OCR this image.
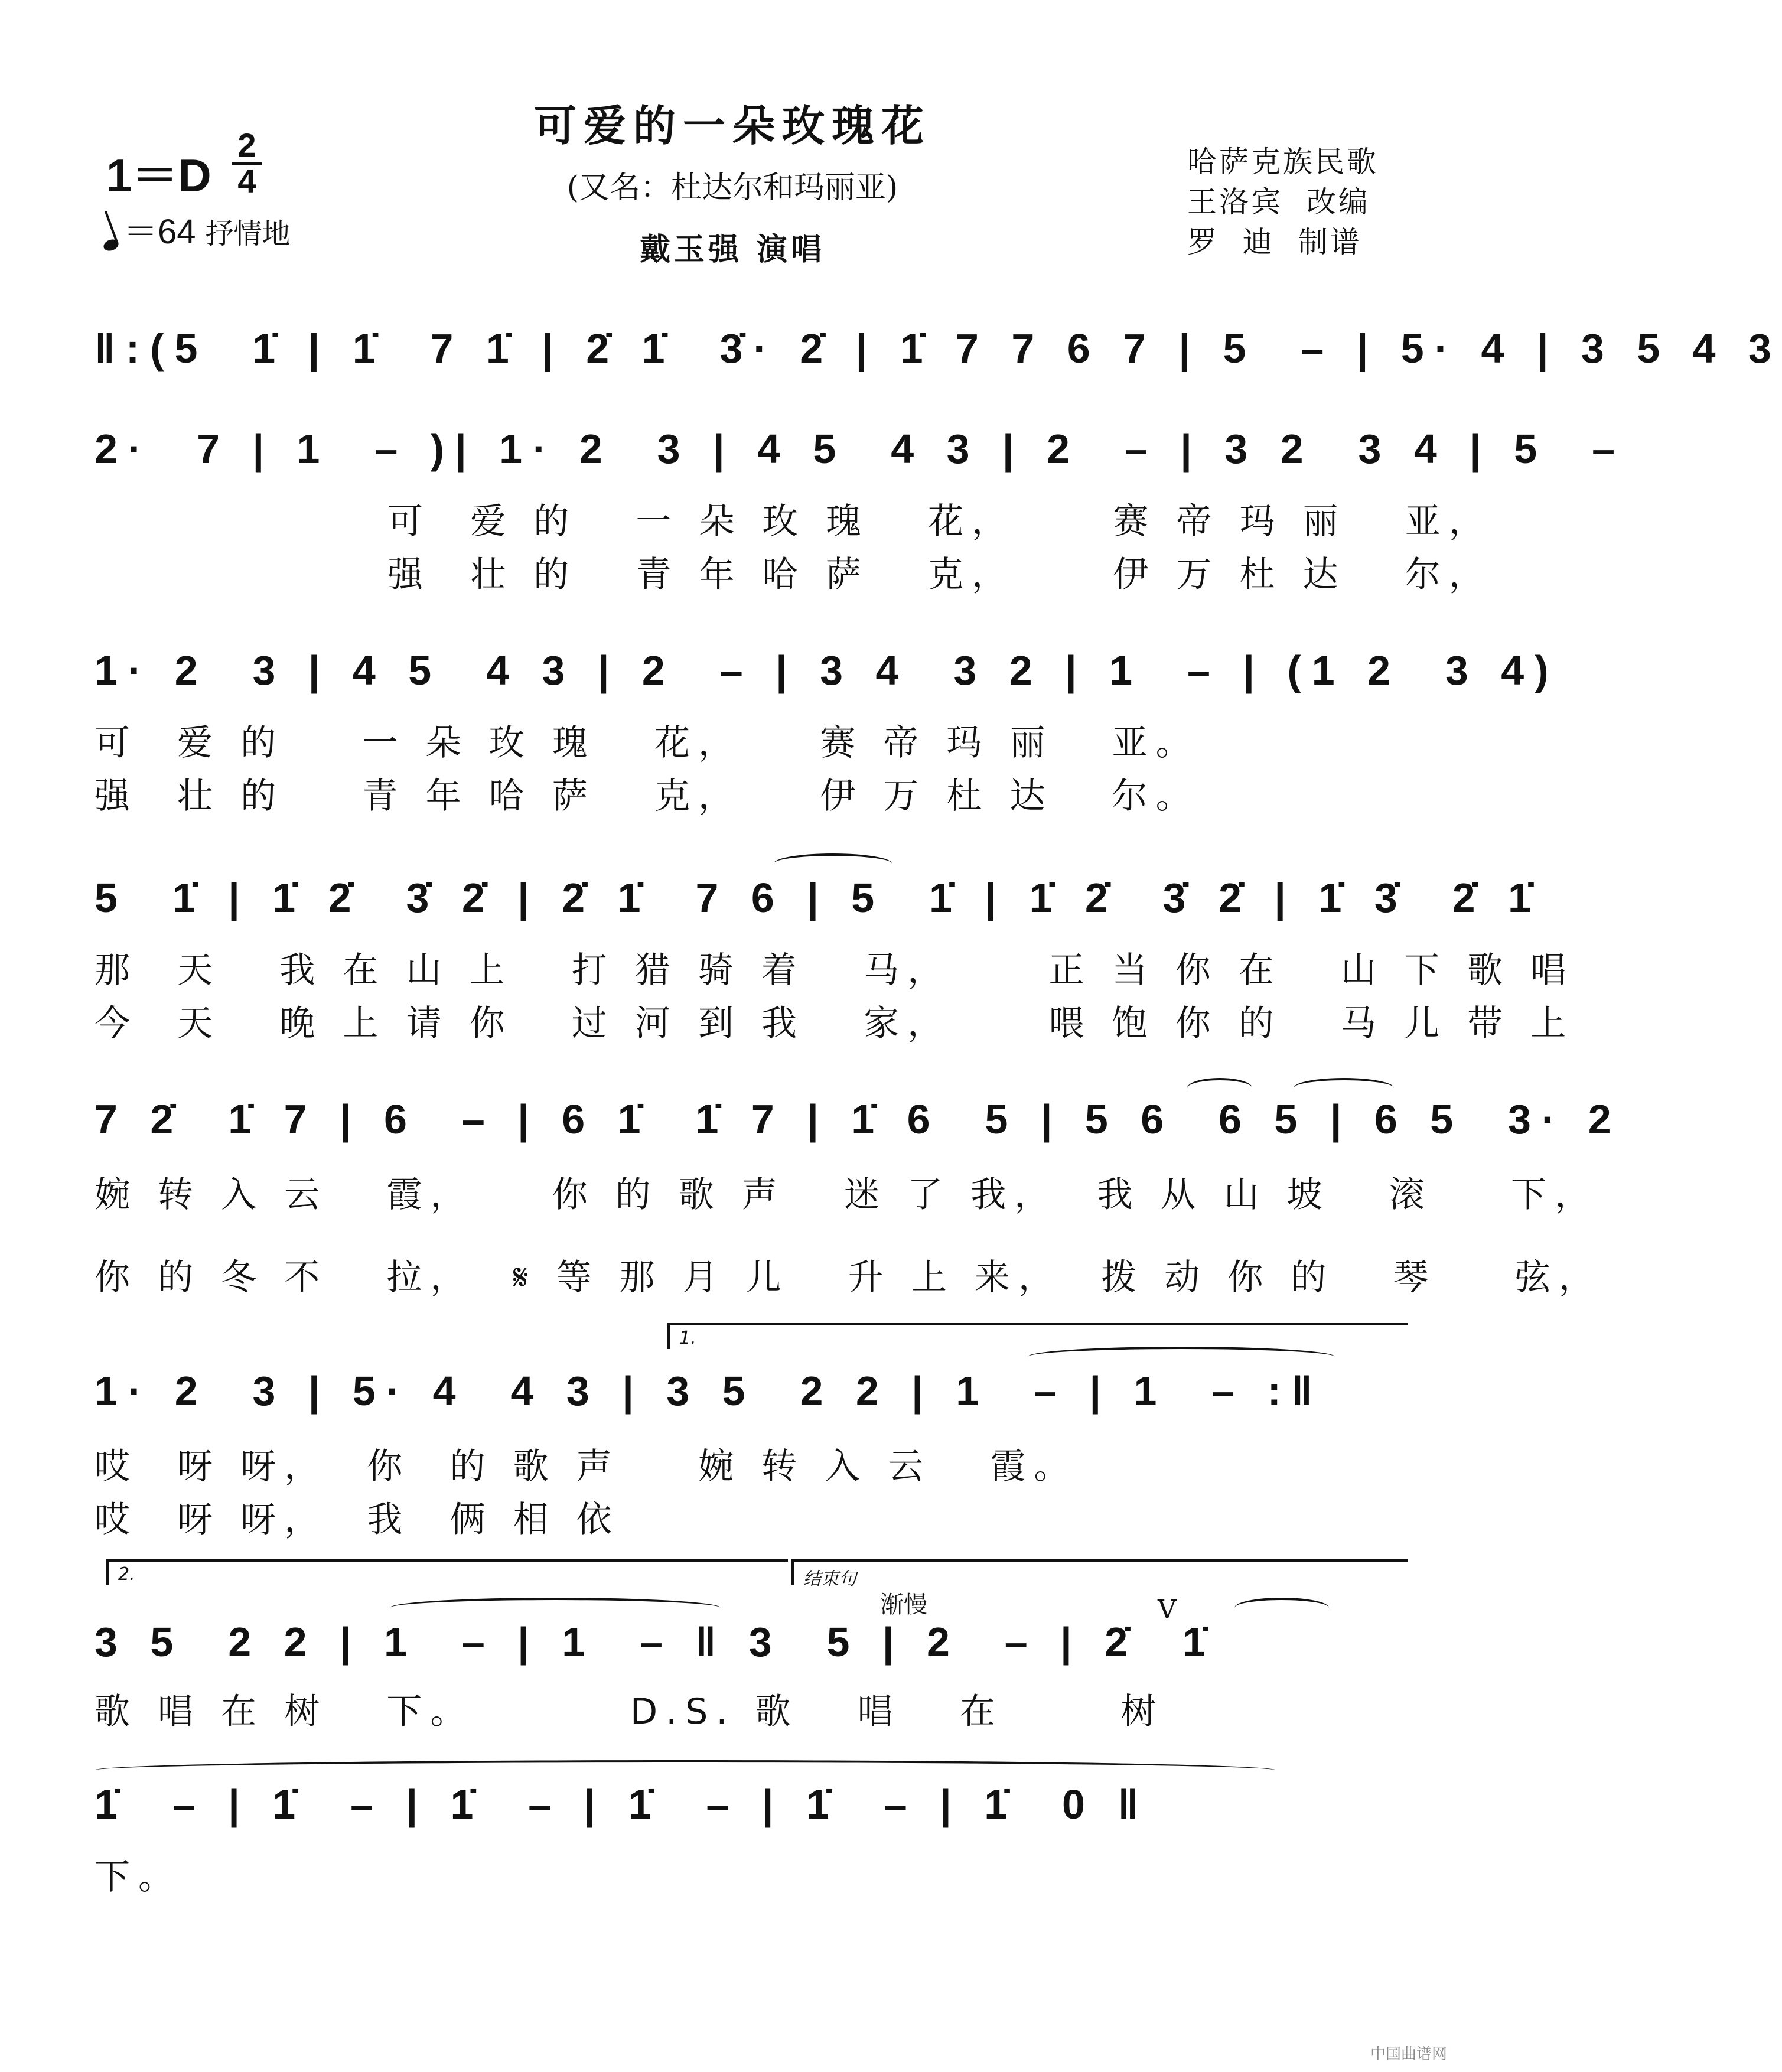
可爱的一朵玫瑰花
(又名：杜达尔和玛丽亚)
戴玉强 演唱
1＝D
2
4
＝64 抒情地
哈萨克族民歌
王洛宾  改编
罗  迪  制谱
‖:(5  1̇ | 1̇  7 1̇ | 2̇ 1̇  3̇· 2̇ | 1̇ 7 7 6 7 | 5  – | 5· 4 | 3 5 4 3
2·  7 | 1  – )| 1· 2  3 | 4 5  4 3 | 2  – | 3 2  3 4 | 5  –
可  爱 的   一 朵 玫 瑰   花，     赛 帝 玛 丽   亚，
强  壮 的   青 年 哈 萨   克，     伊 万 杜 达   尔，
1· 2  3 | 4 5  4 3 | 2  – | 3 4  3 2 | 1  – | (1 2  3 4)
可  爱 的    一 朵 玫 瑰   花，    赛 帝 玛 丽   亚。
强  壮 的    青 年 哈 萨   克，    伊 万 杜 达   尔。
5  1̇ | 1̇ 2̇  3̇ 2̇ | 2̇ 1̇  7 6 | 5  1̇ | 1̇ 2̇  3̇ 2̇ | 1̇ 3̇  2̇ 1̇
那  天   我 在 山 上   打 猎 骑 着   马，     正 当 你 在   山 下 歌 唱
今  天   晚 上 请 你   过 河 到 我   家，     喂 饱 你 的   马 儿 带 上
7 2̇  1̇ 7 | 6  – | 6 1̇  1̇ 7 | 1̇ 6  5 | 5 6  6 5 | 6 5  3· 2
婉 转 入 云   霞，    你 的 歌 声   迷 了 我，  我 从 山 坡   滚    下，
你 的 冬 不   拉，  𝄋 等 那 月 儿   升 上 来，  拨 动 你 的   琴    弦，
1.
1· 2  3 | 5· 4  4 3 | 3 5  2 2 | 1  – | 1  – :‖
哎  呀 呀，  你  的 歌 声    婉 转 入 云   霞。
哎  呀 呀，  我  俩 相 依
2.	结束句
渐慢	V
3 5  2 2 | 1  – | 1  – ‖ 3  5 | 2  – | 2̇  1̇
歌 唱 在 树   下。        D.S. 歌   唱   在      树
1̇  – | 1̇  – | 1̇  – | 1̇  – | 1̇  – | 1̇  0 ‖
下。
中国曲谱网
